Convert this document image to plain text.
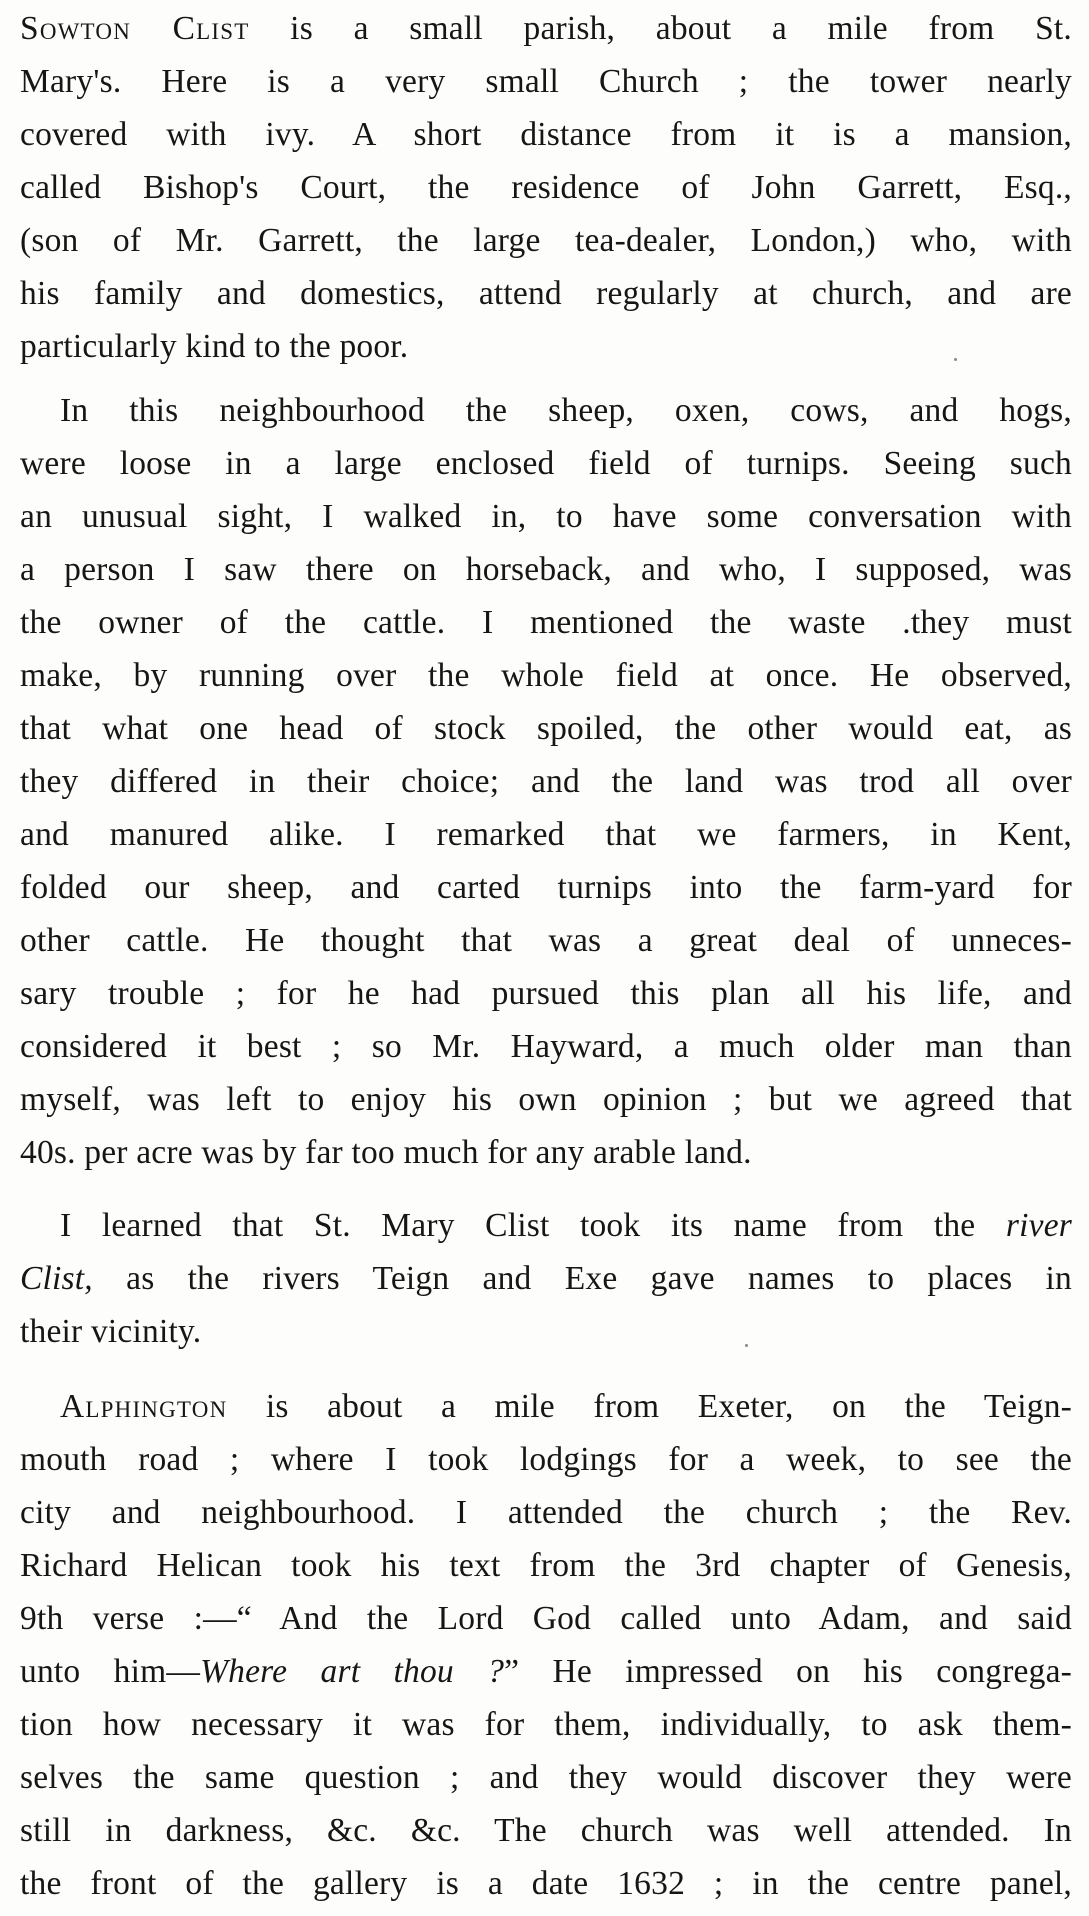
Sowton Clist is a small parish, about a mile from St.
Mary's. Here is a very small Church ; the tower nearly
covered with ivy. A short distance from it is a mansion,
called Bishop's Court, the residence of John Garrett, Esq.,
(son of Mr. Garrett, the large tea-dealer, London,) who, with
his family and domestics, attend regularly at church, and are
particularly kind to the poor.

In this neighbourhood the sheep, oxen, cows, and hogs,
were loose in a large enclosed field of turnips. Seeing such
an unusual sight, I walked in, to have some conversation with
a person I saw there on horseback, and who, I supposed, was
the owner of the cattle. I mentioned the waste .they must
make, by running over the whole field at once. He observed,
that what one head of stock spoiled, the other would eat, as
they differed in their choice; and the land was trod all over
and manured alike. I remarked that we farmers, in Kent,
folded our sheep, and carted turnips into the farm-yard for
other cattle. He thought that was a great deal of unneces-
sary trouble ; for he had pursued this plan all his life, and
considered it best ; so Mr. Hayward, a much older man than
myself, was left to enjoy his own opinion ; but we agreed that
40s. per acre was by far too much for any arable land.

I learned that St. Mary Clist took its name from the river
Clist, as the rivers Teign and Exe gave names to places in
their vicinity.

Alphington is about a mile from Exeter, on the Teign-
mouth road ; where I took lodgings for a week, to see the
city and neighbourhood. I attended the church ; the Rev.
Richard Helican took his text from the 3rd chapter of Genesis,
9th verse :—“ And the Lord God called unto Adam, and said
unto him—Where art thou ?” He impressed on his congrega-
tion how necessary it was for them, individually, to ask them-
selves the same question ; and they would discover they were
still in darkness, &c. &c. The church was well attended. In
the front of the gallery is a date 1632 ; in the centre panel,
